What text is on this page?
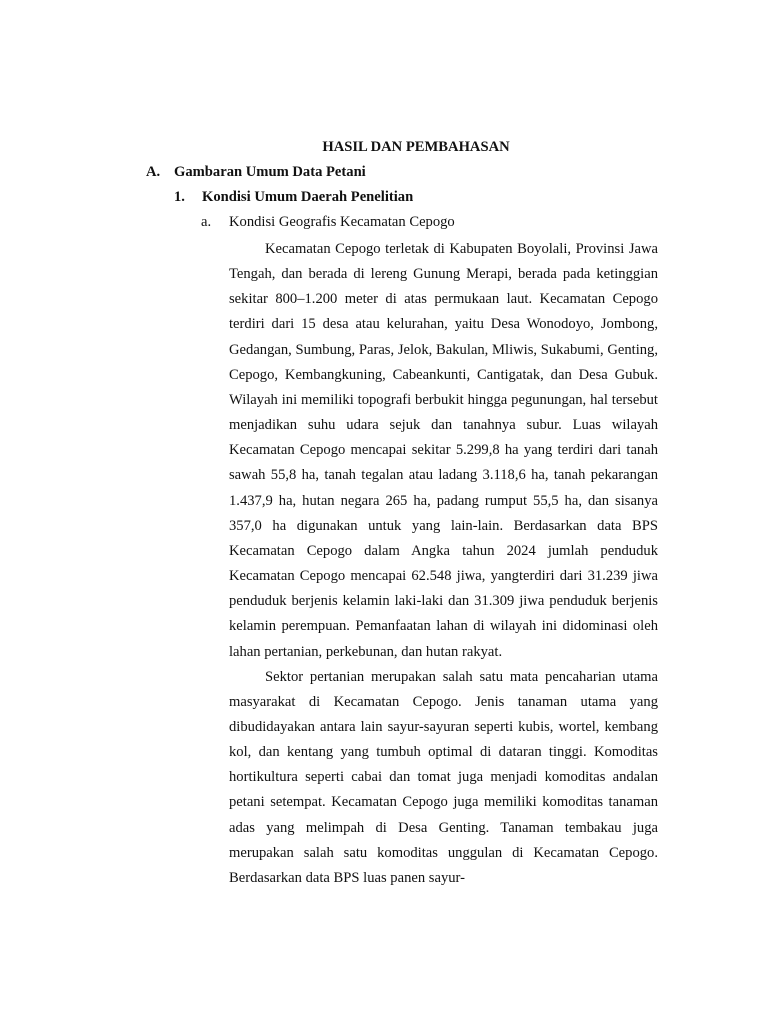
HASIL DAN PEMBAHASAN
A. Gambaran Umum Data Petani
1. Kondisi Umum Daerah Penelitian
a. Kondisi Geografis Kecamatan Cepogo

Kecamatan Cepogo terletak di Kabupaten Boyolali, Provinsi Jawa Tengah, dan berada di lereng Gunung Merapi, berada pada ketinggian sekitar 800–1.200 meter di atas permukaan laut. Kecamatan Cepogo terdiri dari 15 desa atau kelurahan, yaitu Desa Wonodoyo, Jombong, Gedangan, Sumbung, Paras, Jelok, Bakulan, Mliwis, Sukabumi, Genting, Cepogo, Kembangkuning, Cabeankunti, Cantigatak, dan Desa Gubuk. Wilayah ini memiliki topografi berbukit hingga pegunungan, hal tersebut menjadikan suhu udara sejuk dan tanahnya subur. Luas wilayah Kecamatan Cepogo mencapai sekitar 5.299,8 ha yang terdiri dari tanah sawah 55,8 ha, tanah tegalan atau ladang 3.118,6 ha, tanah pekarangan 1.437,9 ha, hutan negara 265 ha, padang rumput 55,5 ha, dan sisanya 357,0 ha digunakan untuk yang lain-lain. Berdasarkan data BPS Kecamatan Cepogo dalam Angka tahun 2024 jumlah penduduk Kecamatan Cepogo mencapai 62.548 jiwa, yangterdiri dari 31.239 jiwa penduduk berjenis kelamin laki-laki dan 31.309 jiwa penduduk berjenis kelamin perempuan. Pemanfaatan lahan di wilayah ini didominasi oleh lahan pertanian, perkebunan, dan hutan rakyat.

Sektor pertanian merupakan salah satu mata pencaharian utama masyarakat di Kecamatan Cepogo. Jenis tanaman utama yang dibudidayakan antara lain sayur-sayuran seperti kubis, wortel, kembang kol, dan kentang yang tumbuh optimal di dataran tinggi. Komoditas hortikultura seperti cabai dan tomat juga menjadi komoditas andalan petani setempat. Kecamatan Cepogo juga memiliki komoditas tanaman adas yang melimpah di Desa Genting. Tanaman tembakau juga merupakan salah satu komoditas unggulan di Kecamatan Cepogo. Berdasarkan data BPS luas panen sayur-
